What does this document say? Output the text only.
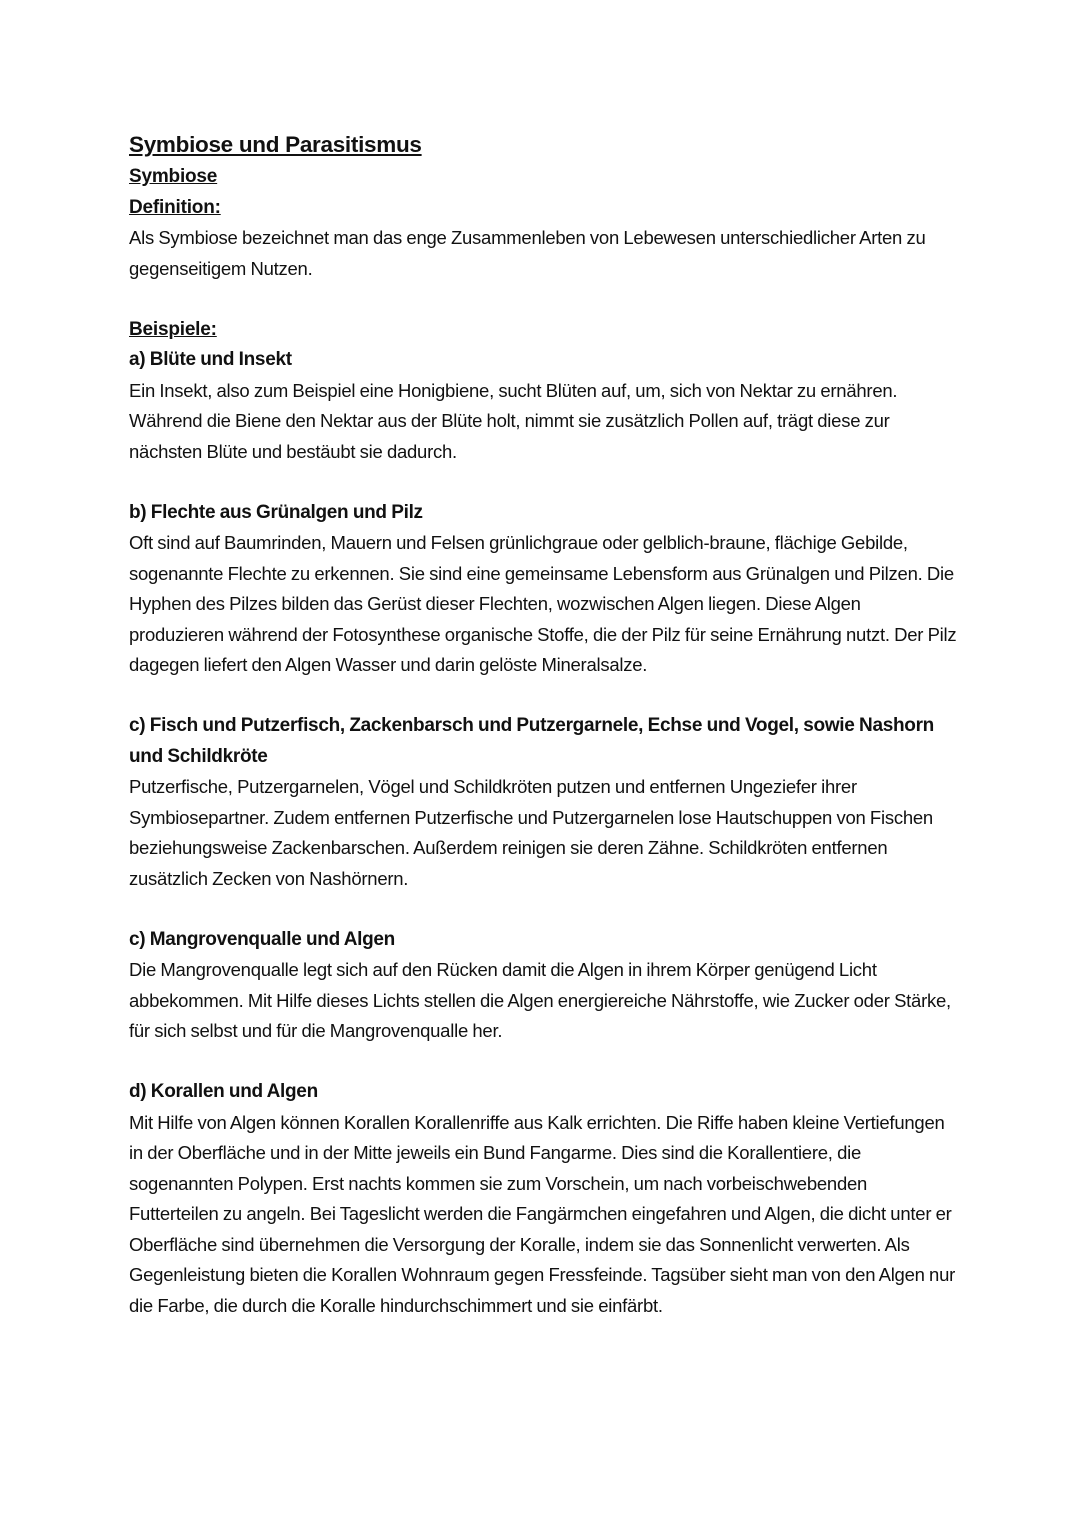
Symbiose und Parasitismus
Symbiose
Definition:

Als Symbiose bezeichnet man das enge Zusammenleben von Lebewesen unterschiedlicher Arten zu gegenseitigem Nutzen.

Beispiele:
a) Blüte und Insekt

Ein Insekt, also zum Beispiel eine Honigbiene, sucht Blüten auf, um, sich von Nektar zu ernähren. Während die Biene den Nektar aus der Blüte holt, nimmt sie zusätzlich Pollen auf, trägt diese zur nächsten Blüte und bestäubt sie dadurch.

b) Flechte aus Grünalgen und Pilz

Oft sind auf Baumrinden, Mauern und Felsen grünlichgraue oder gelblich-braune, flächige Gebilde, sogenannte Flechte zu erkennen. Sie sind eine gemeinsame Lebensform aus Grünalgen und Pilzen. Die Hyphen des Pilzes bilden das Gerüst dieser Flechten, wozwischen Algen liegen. Diese Algen produzieren während der Fotosynthese organische Stoffe, die der Pilz für seine Ernährung nutzt. Der Pilz dagegen liefert den Algen Wasser und darin gelöste Mineralsalze.

c) Fisch und Putzerfisch, Zackenbarsch und Putzergarnele, Echse und Vogel, sowie Nashorn und Schildkröte

Putzerfische, Putzergarnelen, Vögel und Schildkröten putzen und entfernen Ungeziefer ihrer Symbiosepartner. Zudem entfernen Putzerfische und Putzergarnelen lose Hautschuppen von Fischen beziehungsweise Zackenbarschen. Außerdem reinigen sie deren Zähne. Schildkröten entfernen zusätzlich Zecken von Nashörnern.

c) Mangrovenqualle und Algen

Die Mangrovenqualle legt sich auf den Rücken damit die Algen in ihrem Körper genügend Licht abbekommen. Mit Hilfe dieses Lichts stellen die Algen energiereiche Nährstoffe, wie Zucker oder Stärke, für sich selbst und für die Mangrovenqualle her.

d) Korallen und Algen

Mit Hilfe von Algen können Korallen Korallenriffe aus Kalk errichten. Die Riffe haben kleine Vertiefungen in der Oberfläche und in der Mitte jeweils ein Bund Fangarme. Dies sind die Korallentiere, die sogenannten Polypen. Erst nachts kommen sie zum Vorschein, um nach vorbeischwebenden Futterteilen zu angeln. Bei Tageslicht werden die Fangärmchen eingefahren und Algen, die dicht unter er Oberfläche sind übernehmen die Versorgung der Koralle, indem sie das Sonnenlicht verwerten. Als Gegenleistung bieten die Korallen Wohnraum gegen Fressfeinde. Tagsüber sieht man von den Algen nur die Farbe, die durch die Koralle hindurchschimmert und sie einfärbt.
